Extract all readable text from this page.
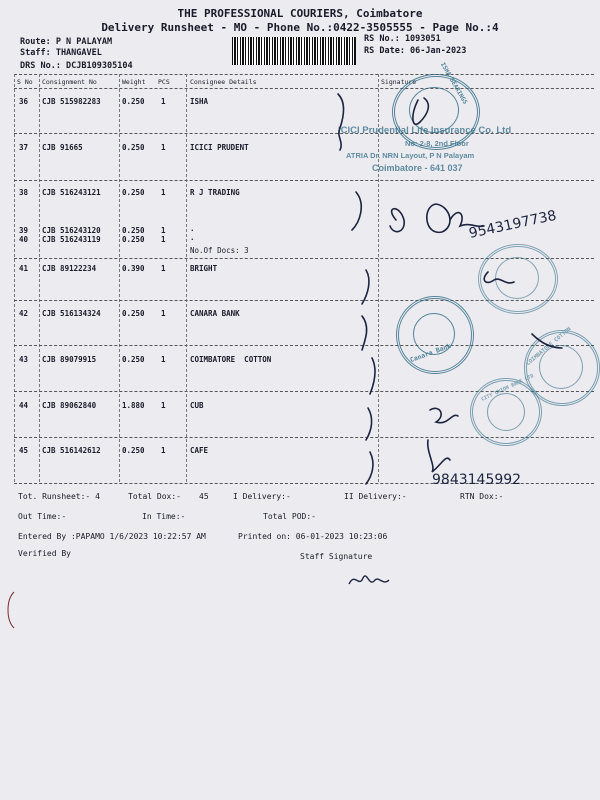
THE PROFESSIONAL COURIERS, Coimbatore
Delivery Runsheet - MO - Phone No.:0422-3505555 - Page No.:4
Route: P N PALAYAM
Staff: THANGAVEL
DRS No.: DCJB109305104
RS No.: 1093051
RS Date: 06-Jan-2023
S No Consignment No	Weight PCS	Consignee Details	Signature
36 CJB 515982283	0.250 1	ISHA
37 CJB 91665	0.250 1	ICICI PRUDENT
38 CJB 516243121	0.250 1	R J TRADING
39 CJB 516243120	0.250 1	.
40 CJB 516243119	0.250 1	.
No.Of Docs: 3
41 CJB 89122234	0.390 1	BRIGHT
42 CJB 516134324	0.250 1	CANARA BANK
43 CJB 89079915	0.250 1	COIMBATORE  COTTON
44 CJB 89062840	1.880 1	CUB
45 CJB 516142612	0.250 1	CAFE
Tot. Runsheet:- 4	Total Dox:- 45	I Delivery:-	II Delivery:-	RTN Dox:-
Out Time:-	In Time:-	Total POD:-
Entered By :PAPAMO 1/6/2023 10:22:57 AM	Printed on: 06-01-2023 10:23:06
Verified By	Staff Signature
ISHA BEARINGS
ICICI Prudential Life Insurance Co. Ltd
No: 2-8, 2nd Floor
ATRIA Dr. NRN Layout, P N Palayam
Coimbatore - 641 037
Canara Bank	COIMBATORE COTTON
CITY UNION BANK LTD
9543197738
9843145992
